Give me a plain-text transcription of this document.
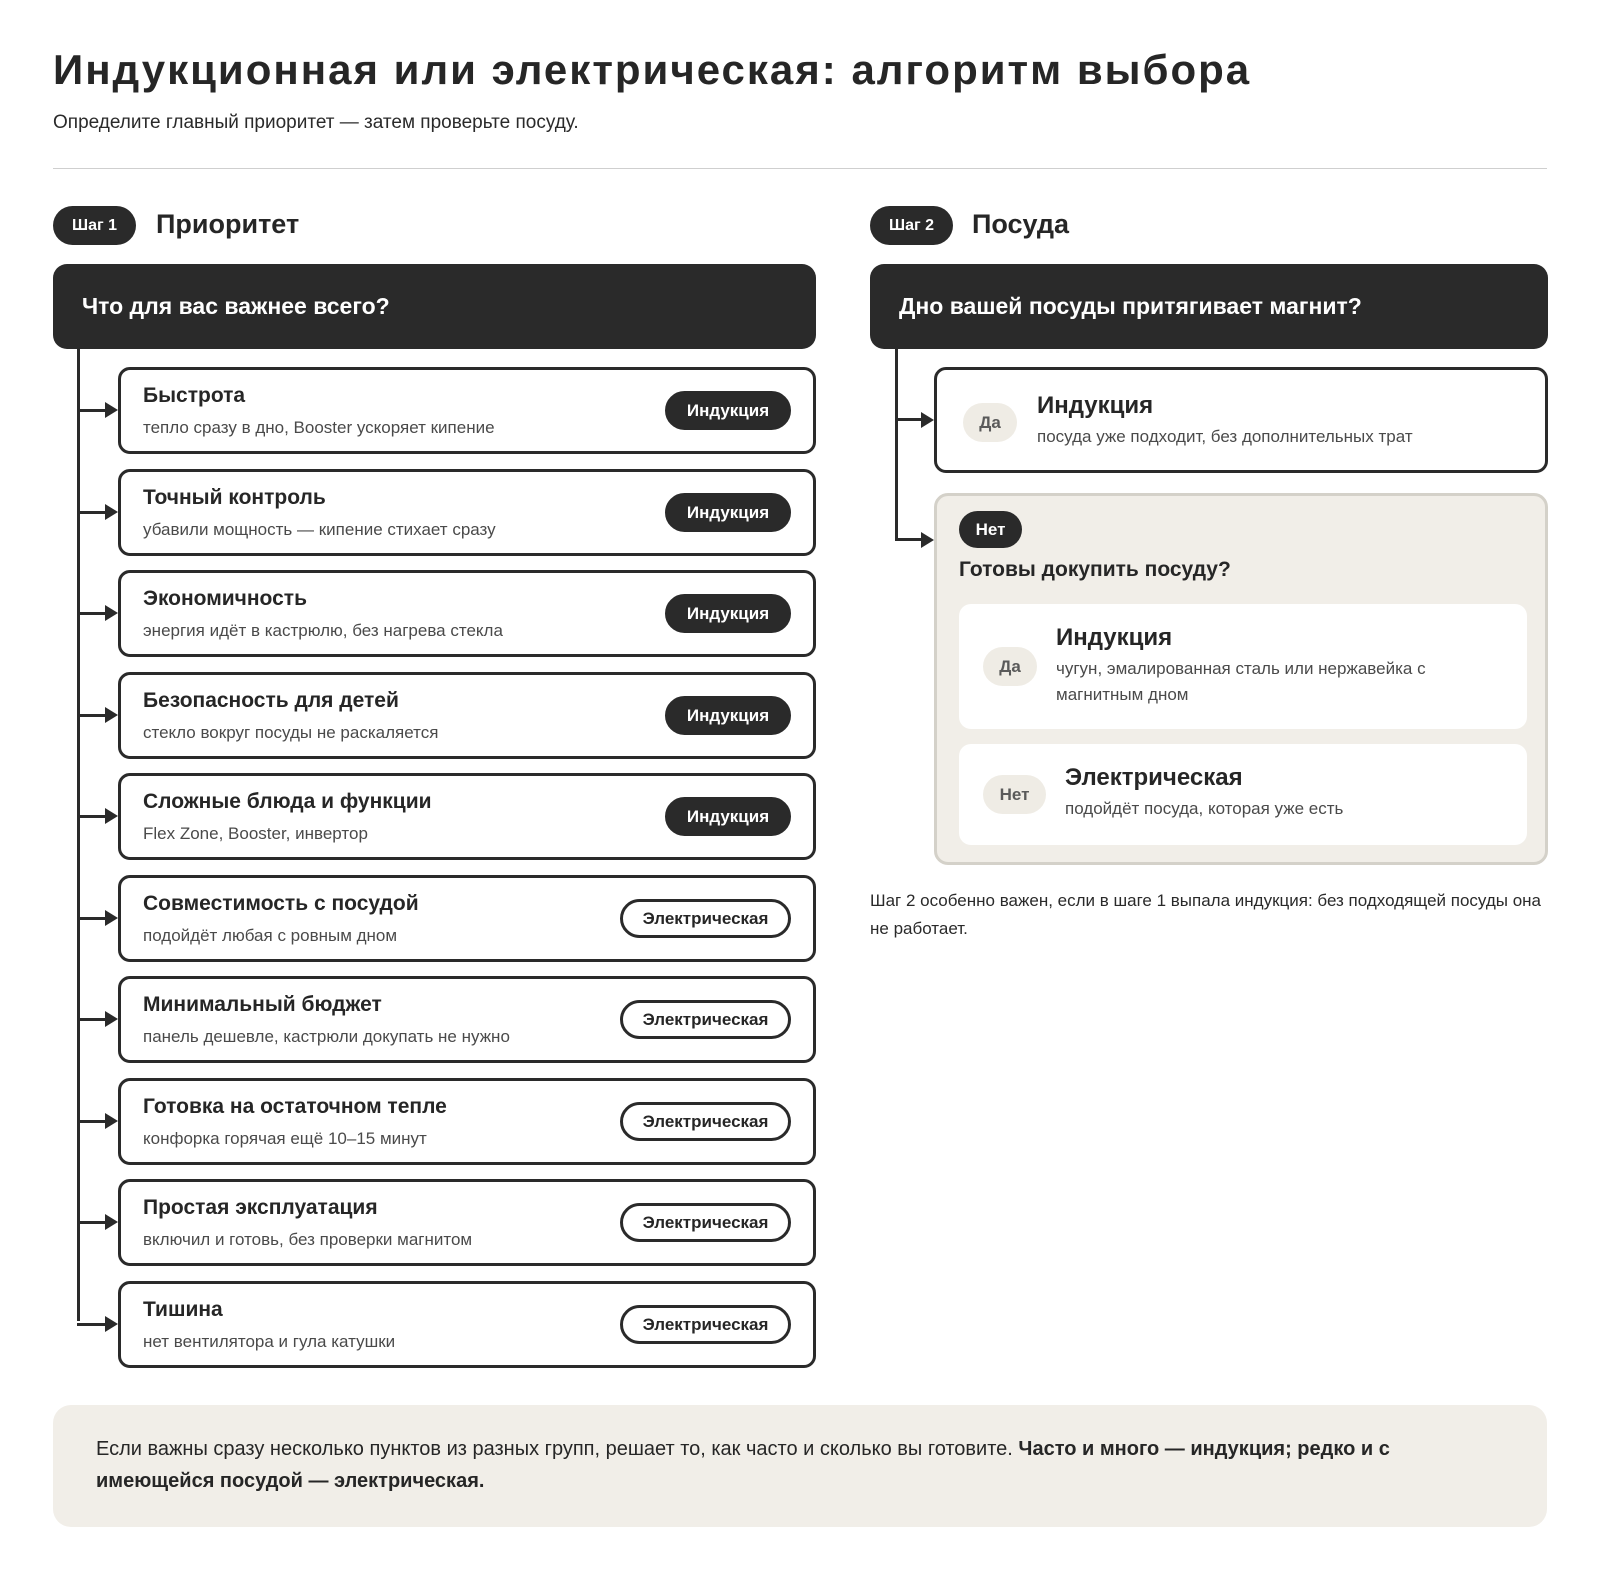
Индукционная или электрическая: алгоритм выбора
Определите главный приоритет — затем проверьте посуду.
Шаг 1	Приоритет
Что для вас важнее всего?
Быстрота
тепло сразу в дно, Booster ускоряет кипение
Индукция
Точный контроль
убавили мощность — кипение стихает сразу
Индукция
Экономичность
энергия идёт в кастрюлю, без нагрева стекла
Индукция
Безопасность для детей
стекло вокруг посуды не раскаляется
Индукция
Сложные блюда и функции
Flex Zone, Booster, инвертор
Индукция
Совместимость с посудой
подойдёт любая с ровным дном
Электрическая
Минимальный бюджет
панель дешевле, кастрюли докупать не нужно
Электрическая
Готовка на остаточном тепле
конфорка горячая ещё 10–15 минут
Электрическая
Простая эксплуатация
включил и готовь, без проверки магнитом
Электрическая
Тишина
нет вентилятора и гула катушки
Электрическая
Шаг 2	Посуда
Дно вашей посуды притягивает магнит?
Да
Индукция
посуда уже подходит, без дополнительных трат
Нет
Готовы докупить посуду?
Да
Индукция
чугун, эмалированная сталь или нержавейка с магнитным дном
Нет
Электрическая
подойдёт посуда, которая уже есть
Шаг 2 особенно важен, если в шаге 1 выпала индукция: без подходящей посуды она не работает.
Если важны сразу несколько пунктов из разных групп, решает то, как часто и сколько вы готовите. Часто и много — индукция; редко и с имеющейся посудой — электрическая.
